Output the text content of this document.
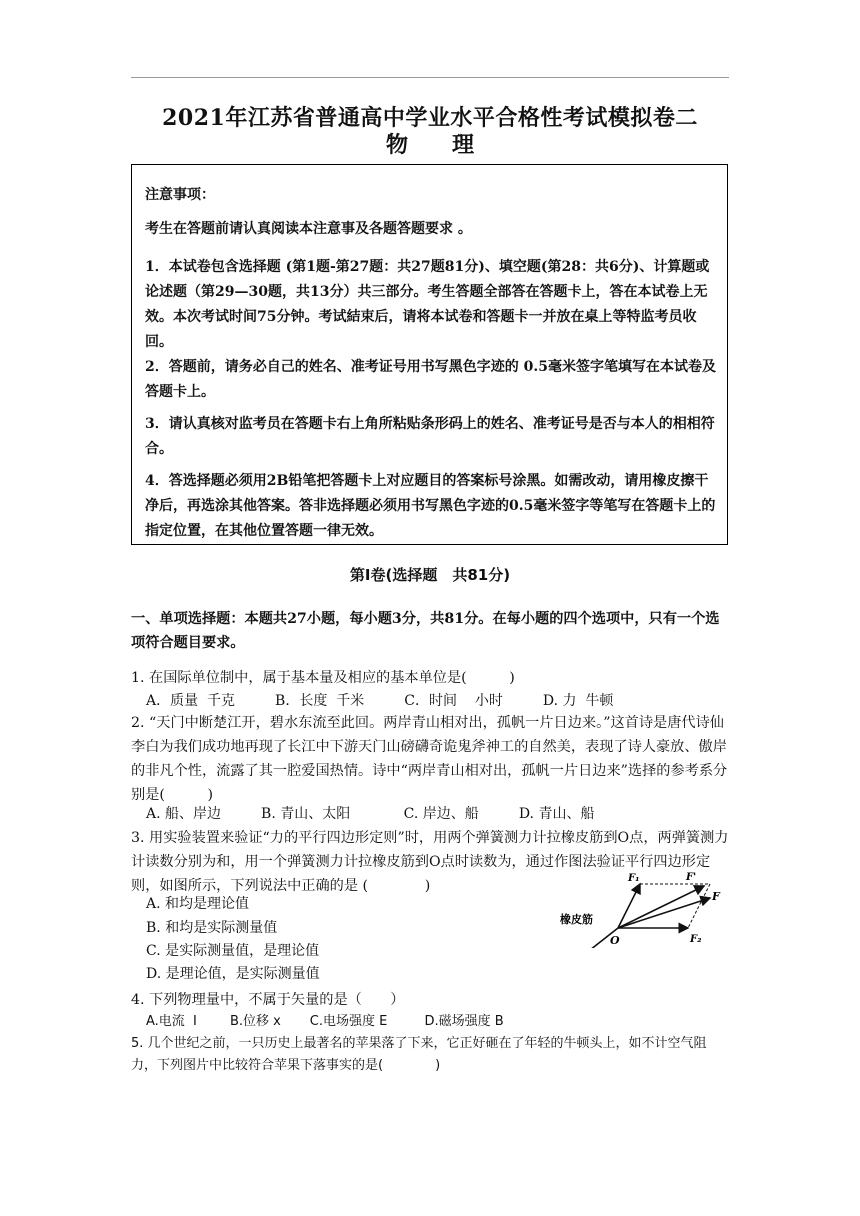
2021年江苏省普通高中学业水平合格性考试模拟卷二
物 理

注意事项：

考生在答题前请认真阅读本注意事及各题答题要求 。

1．本试卷包含选择题 (第1题-第27题：共27题81分)、填空题(第28：共6分)、计算题或论述题（第29—30题，共13分）共三部分。考生答题全部答在答题卡上，答在本试卷上无效。本次考试时间75分钟。考试結束后，请将本试卷和答题卡一并放在桌上等特监考员收回。

2．答题前，请务必自己的姓名、准考证号用书写黑色字迹的 0.5毫米签字笔填写在本试卷及答题卡上。

3．请认真核对监考员在答题卡右上角所粘贴条形码上的姓名、准考证号是否与本人的相相符合。

4．答选择题必须用2B铅笔把答题卡上对应题目的答案标号涂黑。如需改动，请用橡皮擦干净后，再选涂其他答案。答非选择题必须用书写黑色字迹的0.5毫米签字等笔写在答题卡上的指定位置，在其他位置答题一律无效。

第Ⅰ卷(选择题　共81分)

一、单项选择题：本题共27小题，每小题3分，共81分。在每小题的四个选项中，只有一个选项符合题目要求。

1. 在国际单位制中，属于基本量及相应的基本单位是(　　　)

A．质量  千克         B．长度  千米         C．时间    小时         D. 力  牛顿

2. “天门中断楚江开，碧水东流至此回。两岸青山相对出，孤帆一片日边来。”这首诗是唐代诗仙李白为我们成功地再现了长江中下游天门山磅礴奇诡鬼斧神工的自然美，表现了诗人豪放、傲岸的非凡个性，流露了其一腔爱国热情。诗中“两岸青山相对出，孤帆一片日边来”选择的参考系分别是(　　　)

A. 船、岸边         B. 青山、太阳            C. 岸边、船         D. 青山、船

3. 用实验装置来验证“力的平行四边形定则”时，用两个弹簧测力计拉橡皮筋到O点，两弹簧测力计读数分别为和，用一个弹簧测力计拉橡皮筋到O点时读数为，通过作图法验证平行四边形定则，如图所示，下列说法中正确的是 (　　　　)

A. 和均是理论值
B. 和均是实际测量值
C. 是实际测量值，是理论值
D. 是理论值，是实际测量值
橡皮筋
O
F₁
F₂
F'
F

4. 下列物理量中，不属于矢量的是（　　）

A.电流  I        B.位移 x       C.电场强度 E         D.磁场强度 B

5. 几个世纪之前，一只历史上最著名的苹果落了下来，它正好砸在了年轻的牛顿头上，如不计空气阻力，下列图片中比较符合苹果下落事实的是(　　　　)
